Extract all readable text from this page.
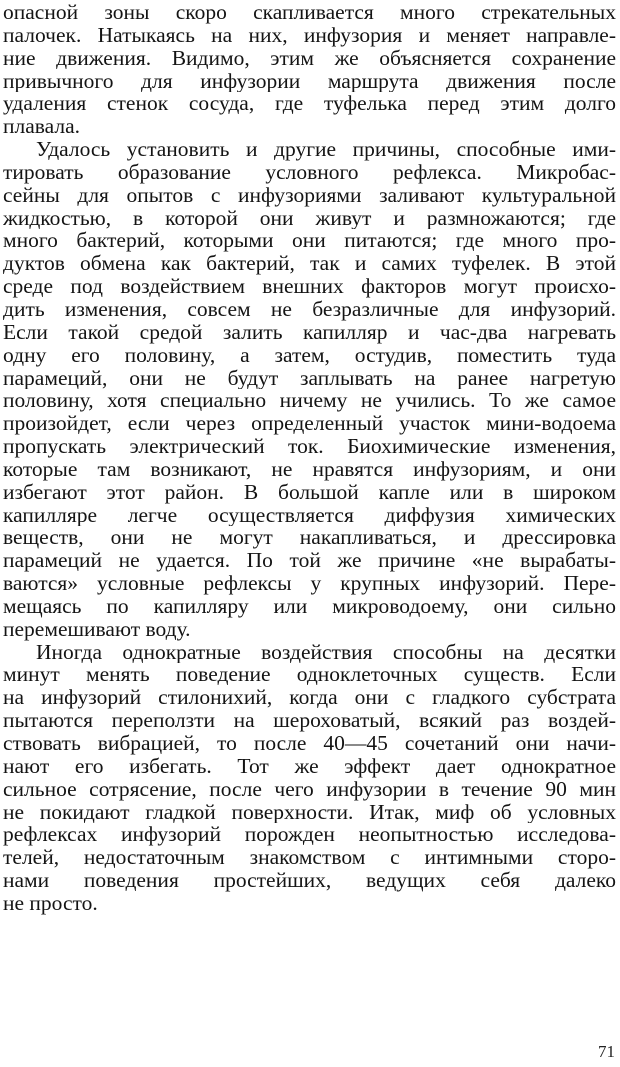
опасной зоны скоро скапливается много стрекательных
палочек. Натыкаясь на них, инфузория и меняет направле-
ние движения. Видимо, этим же объясняется сохранение
привычного для инфузории маршрута движения после
удаления стенок сосуда, где туфелька перед этим долго
плавала.
Удалось установить и другие причины, способные ими-
тировать образование условного рефлекса. Микробас-
сейны для опытов с инфузориями заливают культуральной
жидкостью, в которой они живут и размножаются; где
много бактерий, которыми они питаются; где много про-
дуктов обмена как бактерий, так и самих туфелек. В этой
среде под воздействием внешних факторов могут происхо-
дить изменения, совсем не безразличные для инфузорий.
Если такой средой залить капилляр и час-два нагревать
одну его половину, а затем, остудив, поместить туда
парамеций, они не будут заплывать на ранее нагретую
половину, хотя специально ничему не учились. То же самое
произойдет, если через определенный участок мини-водоема
пропускать электрический ток. Биохимические изменения,
которые там возникают, не нравятся инфузориям, и они
избегают этот район. В большой капле или в широком
капилляре легче осуществляется диффузия химических
веществ, они не могут накапливаться, и дрессировка
парамеций не удается. По той же причине «не вырабаты-
ваются» условные рефлексы у крупных инфузорий. Пере-
мещаясь по капилляру или микроводоему, они сильно
перемешивают воду.
Иногда однократные воздействия способны на десятки
минут менять поведение одноклеточных существ. Если
на инфузорий стилонихий, когда они с гладкого субстрата
пытаются переползти на шероховатый, всякий раз воздей-
ствовать вибрацией, то после 40—45 сочетаний они начи-
нают его избегать. Тот же эффект дает однократное
сильное сотрясение, после чего инфузории в течение 90 мин
не покидают гладкой поверхности. Итак, миф об условных
рефлексах инфузорий порожден неопытностью исследова-
телей, недостаточным знакомством с интимными сторо-
нами поведения простейших, ведущих себя далеко
не просто.
71
